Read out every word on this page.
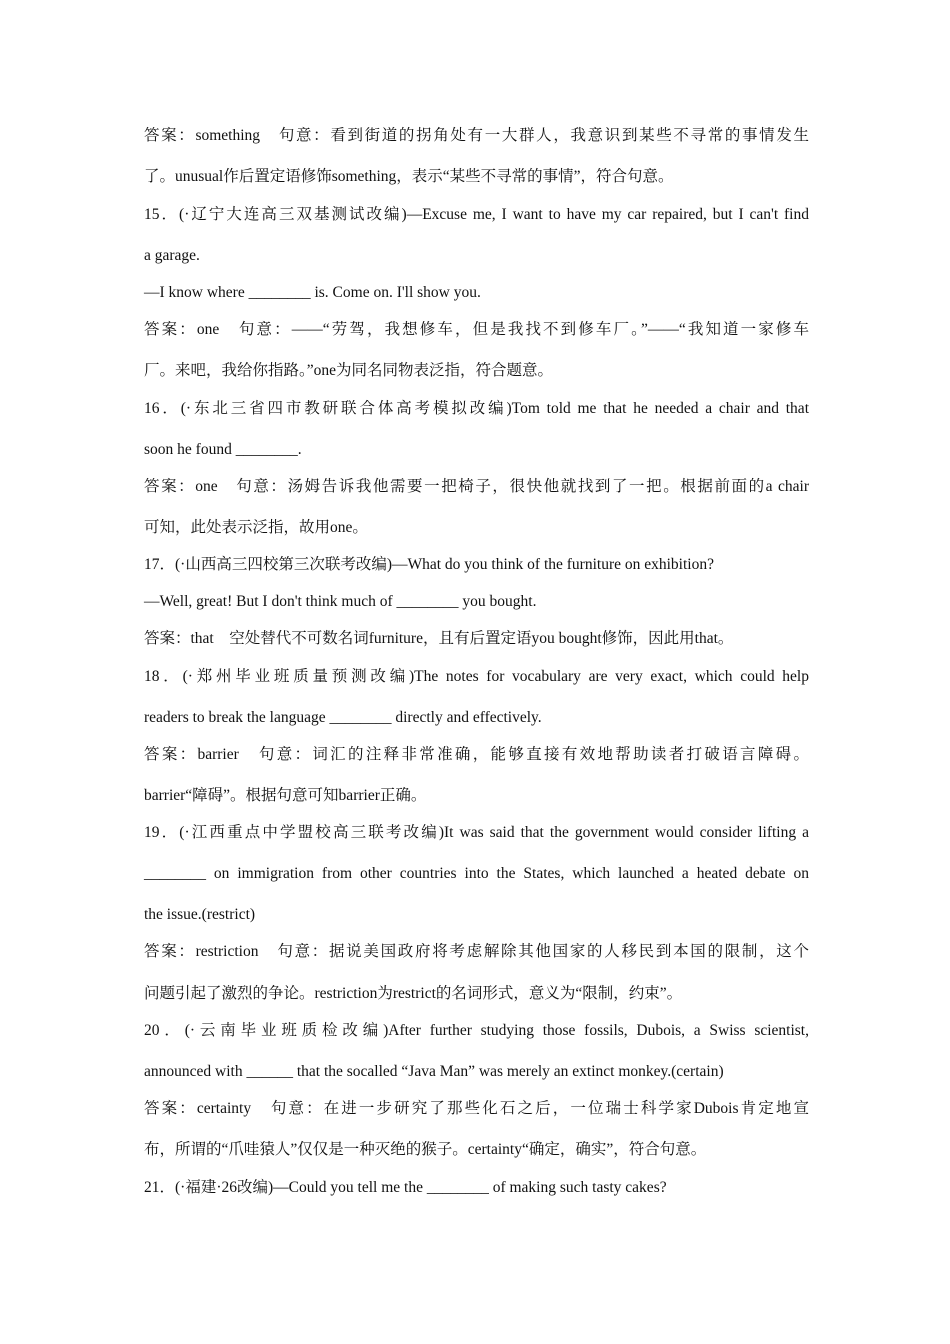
答案：something　句意：看到街道的拐角处有一大群人，我意识到某些不寻常的事情发生
了。unusual作后置定语修饰something，表示“某些不寻常的事情”，符合句意。
15．(·辽宁大连高三双基测试改编)—Excuse me, I want to have my car repaired, but I can't find
a garage.
—I know where ________ is. Come on. I'll show you.
答案：one　句意：——“劳驾，我想修车，但是我找不到修车厂。”——“我知道一家修车
厂。来吧，我给你指路。”one为同名同物表泛指，符合题意。
16．(·东北三省四市教研联合体高考模拟改编)Tom told me that he needed a chair and that
soon he found ________.
答案：one　句意：汤姆告诉我他需要一把椅子，很快他就找到了一把。根据前面的a chair
可知，此处表示泛指，故用one。
17．(·山西高三四校第三次联考改编)—What do you think of the furniture on exhibition?
—Well, great! But I don't think much of ________ you bought.
答案：that　空处替代不可数名词furniture，且有后置定语you bought修饰，因此用that。
18．(·郑州毕业班质量预测改编)The notes for vocabulary are very exact, which could help
readers to break the language ________ directly and effectively.
答案：barrier　句意：词汇的注释非常准确，能够直接有效地帮助读者打破语言障碍。
barrier“障碍”。根据句意可知barrier正确。
19．(·江西重点中学盟校高三联考改编)It was said that the government would consider lifting a
________ on immigration from other countries into the States, which launched a heated debate on
the issue.(restrict)
答案：restriction　句意：据说美国政府将考虑解除其他国家的人移民到本国的限制，这个
问题引起了激烈的争论。restriction为restrict的名词形式，意义为“限制，约束”。
20．(·云南毕业班质检改编)After further studying those fossils, Dubois, a Swiss scientist,
announced with ______ that the socalled “Java Man” was merely an extinct monkey.(certain)
答案：certainty　句意：在进一步研究了那些化石之后，一位瑞士科学家Dubois肯定地宣
布，所谓的“爪哇猿人”仅仅是一种灭绝的猴子。certainty“确定，确实”，符合句意。
21．(·福建·26改编)—Could you tell me the ________ of making such tasty cakes?
